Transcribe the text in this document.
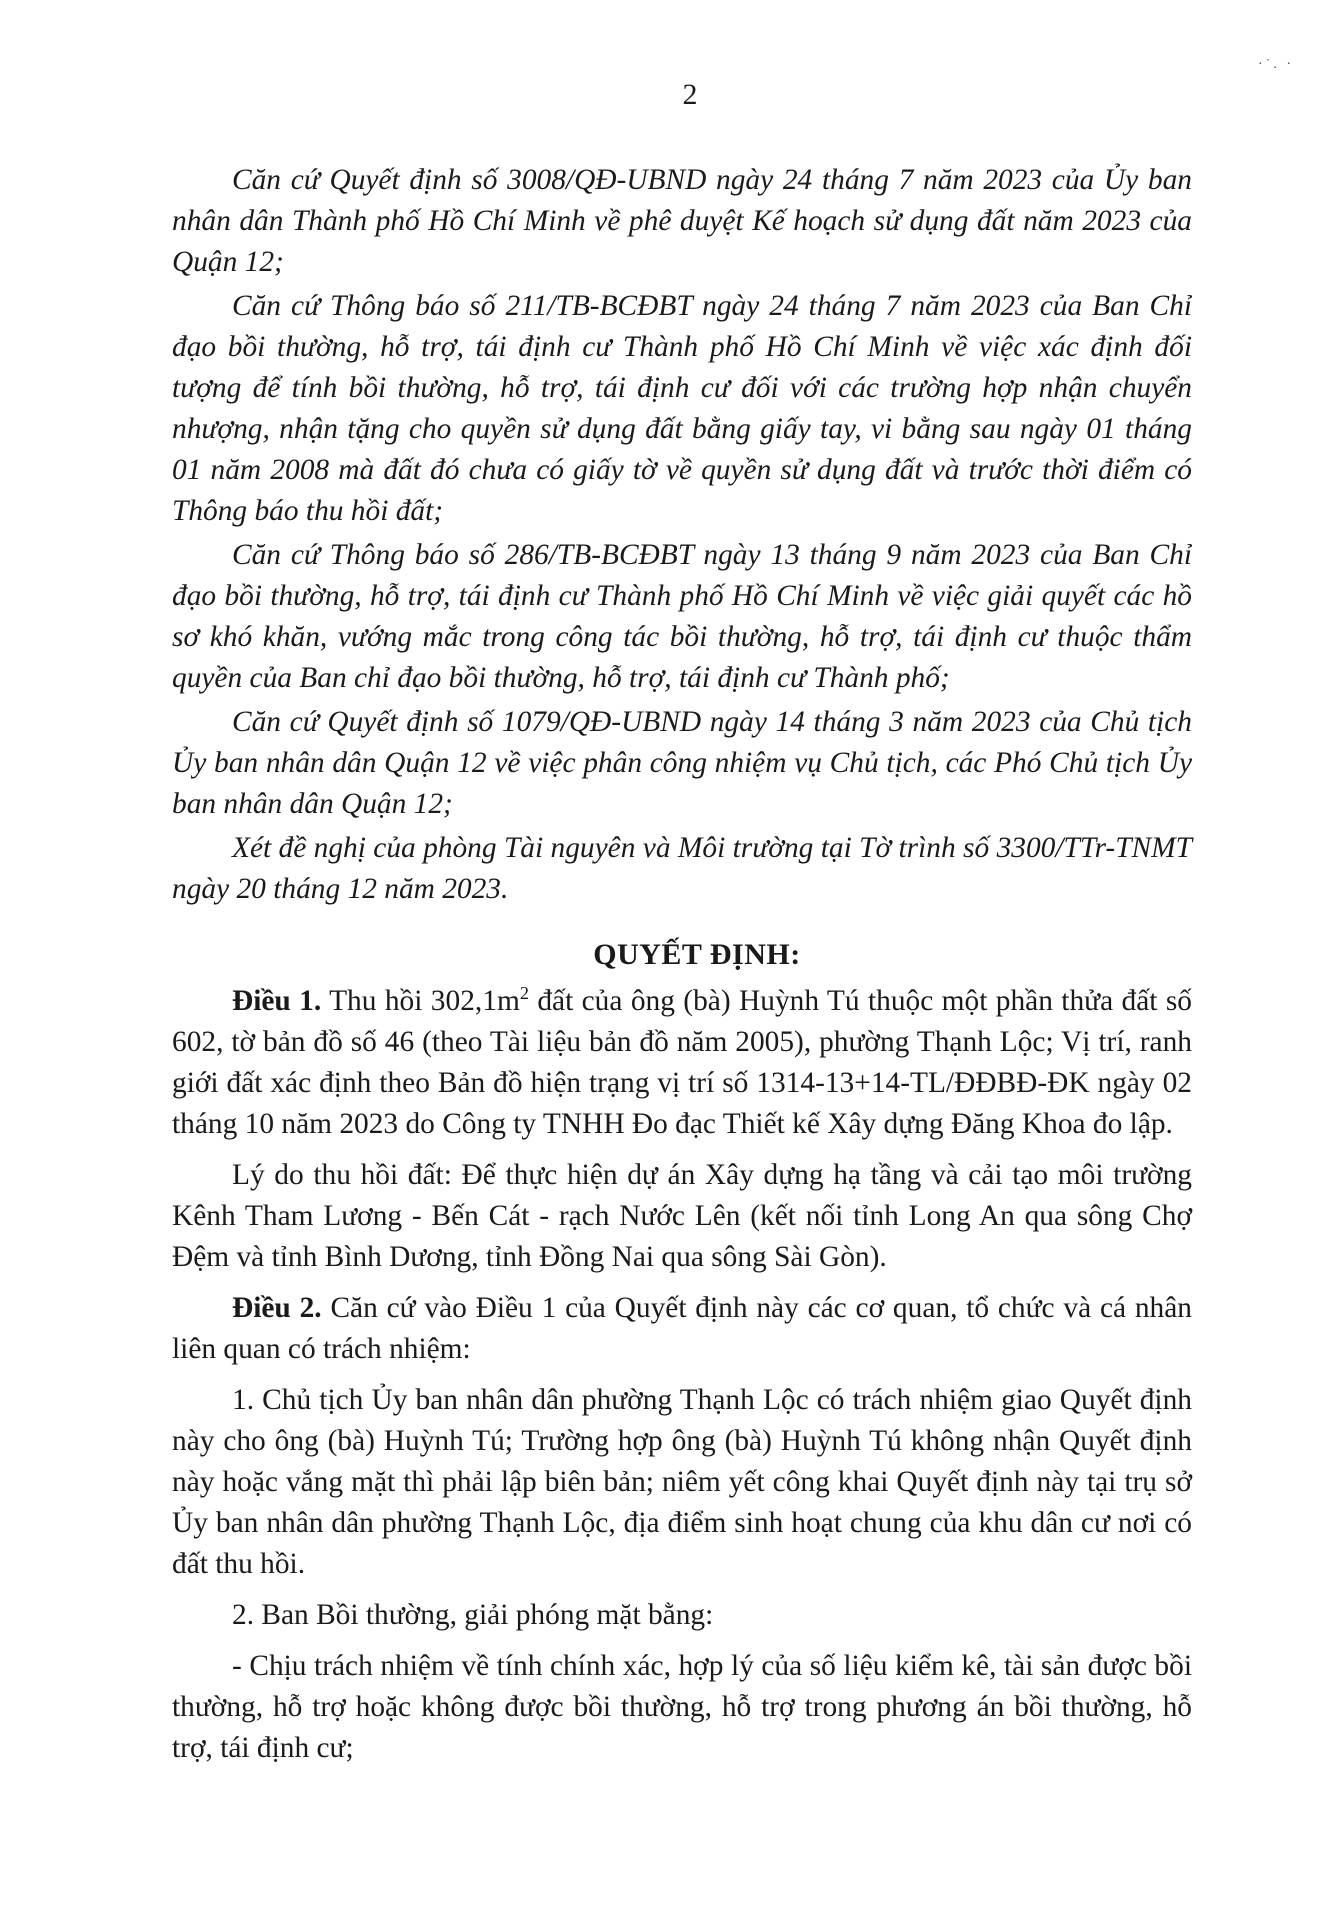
2
·˙. ·

Căn cứ Quyết định số 3008/QĐ-UBND ngày 24 tháng 7 năm 2023 của Ủy ban nhân dân Thành phố Hồ Chí Minh về phê duyệt Kế hoạch sử dụng đất năm 2023 của Quận 12;

Căn cứ Thông báo số 211/TB-BCĐBT ngày 24 tháng 7 năm 2023 của Ban Chỉ đạo bồi thường, hỗ trợ, tái định cư Thành phố Hồ Chí Minh về việc xác định đối tượng để tính bồi thường, hỗ trợ, tái định cư đối với các trường hợp nhận chuyển nhượng, nhận tặng cho quyền sử dụng đất bằng giấy tay, vi bằng sau ngày 01 tháng 01 năm 2008 mà đất đó chưa có giấy tờ về quyền sử dụng đất và trước thời điểm có Thông báo thu hồi đất;

Căn cứ Thông báo số 286/TB-BCĐBT ngày 13 tháng 9 năm 2023 của Ban Chỉ đạo bồi thường, hỗ trợ, tái định cư Thành phố Hồ Chí Minh về việc giải quyết các hồ sơ khó khăn, vướng mắc trong công tác bồi thường, hỗ trợ, tái định cư thuộc thẩm quyền của Ban chỉ đạo bồi thường, hỗ trợ, tái định cư Thành phố;

Căn cứ Quyết định số 1079/QĐ-UBND ngày 14 tháng 3 năm 2023 của Chủ tịch Ủy ban nhân dân Quận 12 về việc phân công nhiệm vụ Chủ tịch, các Phó Chủ tịch Ủy ban nhân dân Quận 12;

Xét đề nghị của phòng Tài nguyên và Môi trường tại Tờ trình số 3300/TTr-TNMT ngày 20 tháng 12 năm 2023.

QUYẾT ĐỊNH:

Điều 1. Thu hồi $302,1m^2$ đất của ông (bà) Huỳnh Tú thuộc một phần thửa đất số 602, tờ bản đồ số 46 (theo Tài liệu bản đồ năm 2005), phường Thạnh Lộc; Vị trí, ranh giới đất xác định theo Bản đồ hiện trạng vị trí số 1314-13+14-TL/ĐĐBĐ-ĐK ngày 02 tháng 10 năm 2023 do Công ty TNHH Đo đạc Thiết kế Xây dựng Đăng Khoa đo lập.

Lý do thu hồi đất: Để thực hiện dự án Xây dựng hạ tầng và cải tạo môi trường Kênh Tham Lương - Bến Cát - rạch Nước Lên (kết nối tỉnh Long An qua sông Chợ Đệm và tỉnh Bình Dương, tỉnh Đồng Nai qua sông Sài Gòn).

Điều 2. Căn cứ vào Điều 1 của Quyết định này các cơ quan, tổ chức và cá nhân liên quan có trách nhiệm:

1. Chủ tịch Ủy ban nhân dân phường Thạnh Lộc có trách nhiệm giao Quyết định này cho ông (bà) Huỳnh Tú; Trường hợp ông (bà) Huỳnh Tú không nhận Quyết định này hoặc vắng mặt thì phải lập biên bản; niêm yết công khai Quyết định này tại trụ sở Ủy ban nhân dân phường Thạnh Lộc, địa điểm sinh hoạt chung của khu dân cư nơi có đất thu hồi.

2. Ban Bồi thường, giải phóng mặt bằng:

- Chịu trách nhiệm về tính chính xác, hợp lý của số liệu kiểm kê, tài sản được bồi thường, hỗ trợ hoặc không được bồi thường, hỗ trợ trong phương án bồi thường, hỗ trợ, tái định cư;
